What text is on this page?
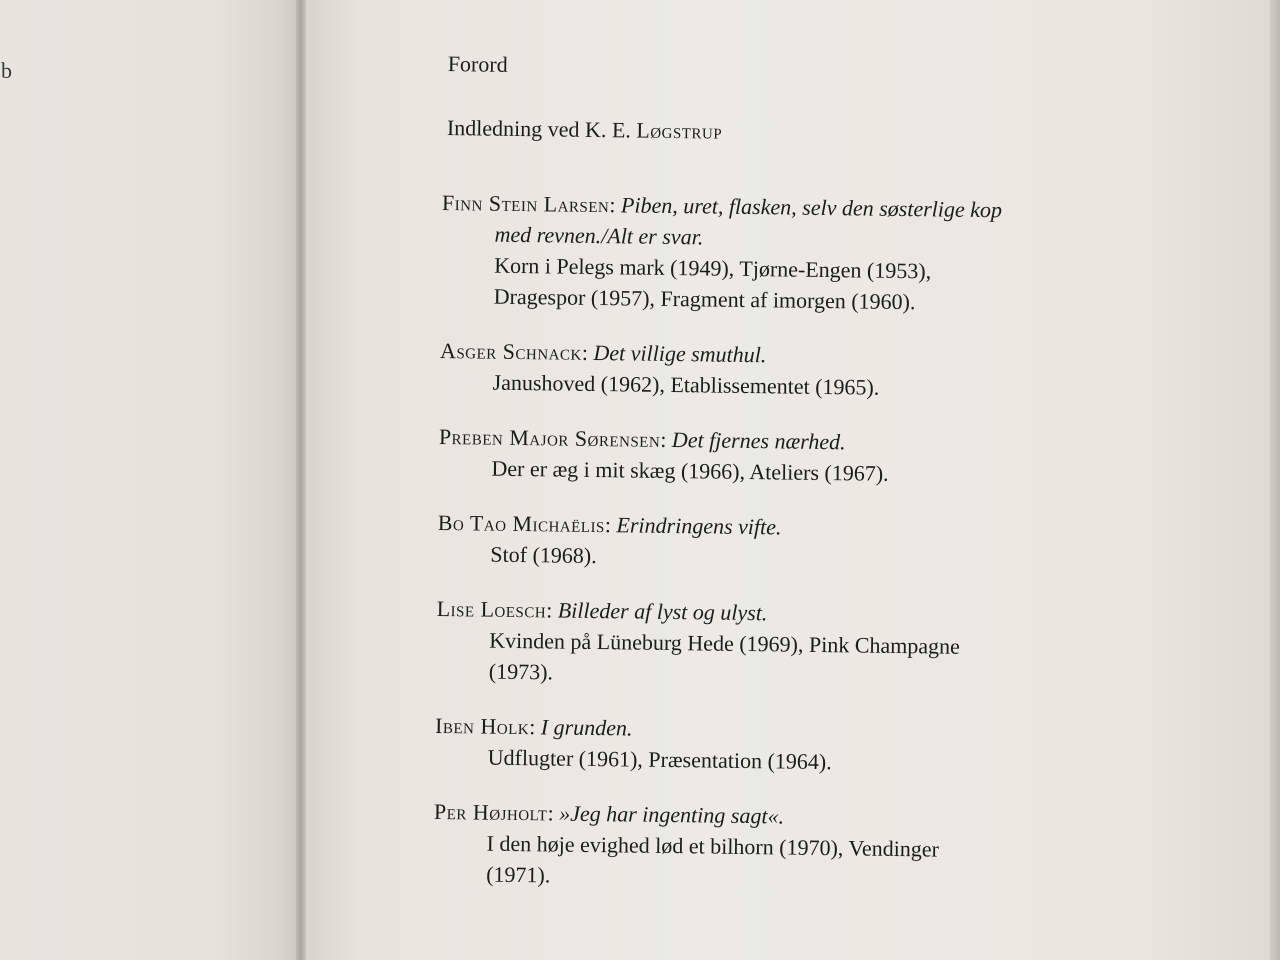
b	Forord
Indledning ved K. E. Løgstrup
Finn Stein Larsen: Piben, uret, flasken, selv den søsterlige kop
med revnen./Alt er svar.
Korn i Pelegs mark (1949), Tjørne-Engen (1953),
Dragespor (1957), Fragment af imorgen (1960).
Asger Schnack: Det villige smuthul.
Janushoved (1962), Etablissementet (1965).
Preben Major Sørensen: Det fjernes nærhed.
Der er æg i mit skæg (1966), Ateliers (1967).
Bo Tao Michaëlis: Erindringens vifte.
Stof (1968).
Lise Loesch: Billeder af lyst og ulyst.
Kvinden på Lüneburg Hede (1969), Pink Champagne
(1973).
Iben Holk: I grunden.
Udflugter (1961), Præsentation (1964).
Per Højholt: »Jeg har ingenting sagt«.
I den høje evighed lød et bilhorn (1970), Vendinger
(1971).
